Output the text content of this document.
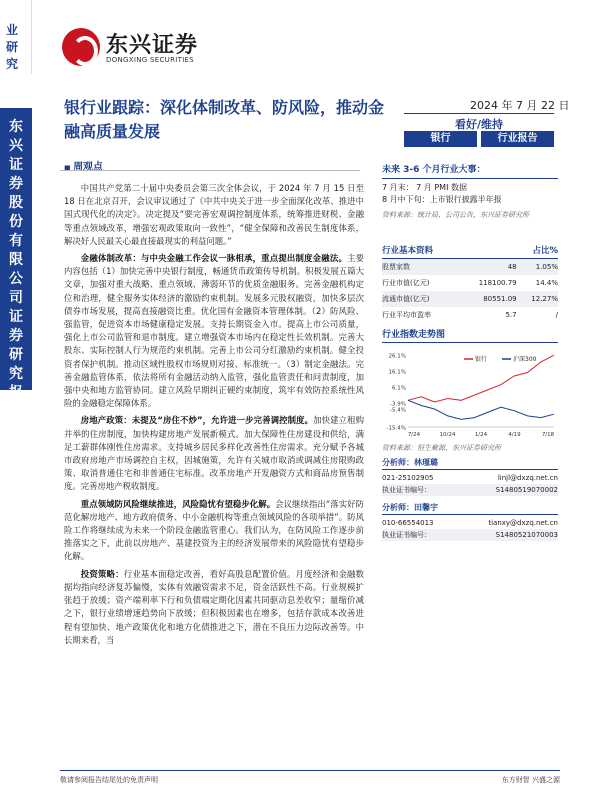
业研究
东兴证券股份有限公司证券研究报告
东兴证券
DONGXING SECURITIES
银行业跟踪：深化体制改革、防风险，推动金融高质量发展
2024 年 7 月 22 日
看好/维持
银行	行业报告
■ 周观点

中国共产党第二十届中央委员会第三次全体会议，于 2024 年 7 月 15 日至 18 日在北京召开，会议审议通过了《中共中央关于进一步全面深化改革、推进中国式现代化的决定》。决定提及“要完善宏观调控制度体系，统筹推进财税、金融等重点领域改革，增强宏观政策取向一致性”，“健全保障和改善民生制度体系，解决好人民最关心最直接最现实的利益问题。”

金融体制改革：与中央金融工作会议一脉相承，重点提出制度金融法。主要内容包括（1）加快完善中央银行制度，畅通货币政策传导机制。积极发展五篇大文章，加强对重大战略、重点领域、薄弱环节的优质金融服务。完善金融机构定位和治理，健全服务实体经济的激励约束机制。发展多元股权融资，加快多层次债券市场发展，提高直接融资比重。优化国有金融资本管理体制。（2）防风险、强监管，促进资本市场健康稳定发展。支持长期资金入市。提高上市公司质量，强化上市公司监管和退市制度。建立增强资本市场内在稳定性长效机制。完善大股东、实际控制人行为规范约束机制。完善上市公司分红激励约束机制。健全投资者保护机制。推动区域性股权市场规则对接、标准统一。（3）制定金融法。完善金融监管体系，依法将所有金融活动纳入监管，强化监管责任和问责制度，加强中央和地方监管协同。建立风险早期纠正硬约束制度，筑牢有效防控系统性风险的金融稳定保障体系。

房地产政策：未提及“房住不炒”，允许进一步完善调控制度。加快建立租购并举的住房制度，加快构建房地产发展新模式。加大保障性住房建设和供给，满足工薪群体刚性住房需求。支持城乡居民多样化改善性住房需求。充分赋予各城市政府房地产市场调控自主权，因城施策，允许有关城市取消或调减住房限购政策、取消普通住宅和非普通住宅标准。改革房地产开发融资方式和商品房预售制度。完善房地产税收制度。

重点领域防风险继续推进，风险隐忧有望稳步化解。会议继续指出“落实好防范化解房地产、地方政府债务、中小金融机构等重点领域风险的各项举措”。防风险工作将继续成为未来一个阶段金融监管重心。我们认为，在防风险工作逐步前推落实之下，此前以房地产、基建投资为主的经济发展带来的风险隐忧有望稳步化解。

投资策略：行业基本面稳定改善，看好高股息配置价值。月度经济和金融数据均指向经济复苏偏慢，实体有效融资需求不足，资金活跃性不高。行业规模扩张趋于放缓；资产端利率下行和负债端定期化因素共同驱动息差收窄；量缩价减之下，银行业绩增速趋势向下放缓；但积极因素也在增多，包括存款成本改善进程有望加快、地产政策优化和地方化债推进之下，潜在不良压力边际改善等。中长期来看，当

未来 3-6 个月行业大事：
7 月末： 7 月 PMI 数据
8 月中下旬：上市银行披露半年报
资料来源：统计局、公司公告，东兴证券研究所
行业基本资料		占比%
股票家数	48	1.05%
行业市值(亿元)	118100.79	14.4%
流通市值(亿元)	80551.09	12.27%
行业平均市盈率	5.7	/
行业指数走势图
26.1%
16.1%
6.1%
-3.9%
-5.4%
-15.4%
7/24	10/24	1/24	4/19	7/18
银行	沪深300
资料来源：恒生聚源、东兴证券研究所
分析师：林瑾璐
021-25102905	linjl@dxzq.net.cn
执业证书编号：	S1480519070002
分析师：田馨宇
010-66554013	tianxy@dxzq.net.cn
执业证书编号：	S1480521070003
敬请参阅报告结尾处的免责声明	东方财智 兴盛之源
